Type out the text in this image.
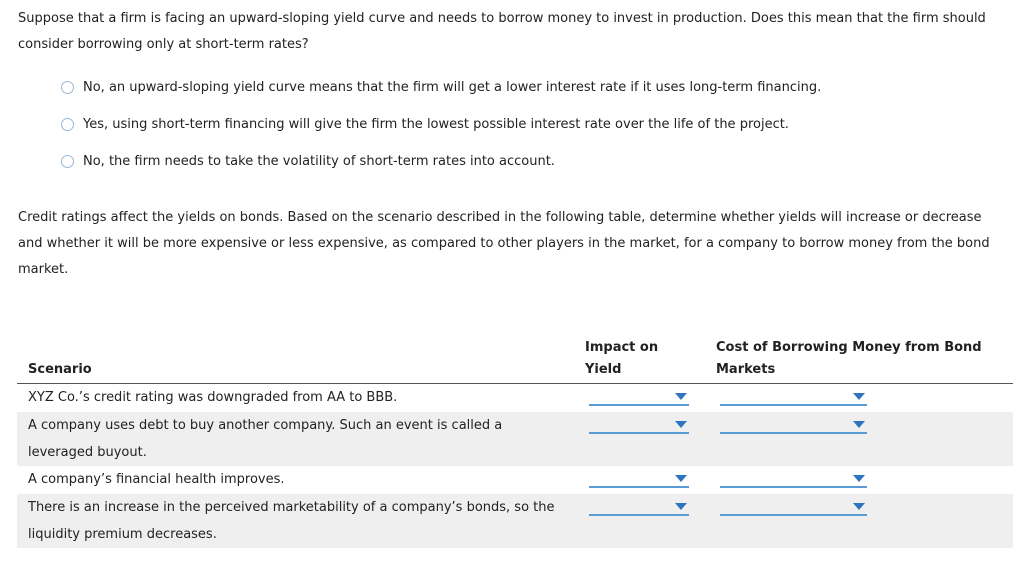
Suppose that a firm is facing an upward-sloping yield curve and needs to borrow money to invest in production. Does this mean that the firm should consider borrowing only at short-term rates?
No, an upward-sloping yield curve means that the firm will get a lower interest rate if it uses long-term financing.
Yes, using short-term financing will give the firm the lowest possible interest rate over the life of the project.
No, the firm needs to take the volatility of short-term rates into account.
Credit ratings affect the yields on bonds. Based on the scenario described in the following table, determine whether yields will increase or decrease and whether it will be more expensive or less expensive, as compared to other players in the market, for a company to borrow money from the bond market.
Scenario
Impact on Yield
Cost of Borrowing Money from Bond Markets
XYZ Co.’s credit rating was downgraded from AA to BBB.
A company uses debt to buy another company. Such an event is called a leveraged buyout.
A company’s financial health improves.
There is an increase in the perceived marketability of a company’s bonds, so the liquidity premium decreases.
